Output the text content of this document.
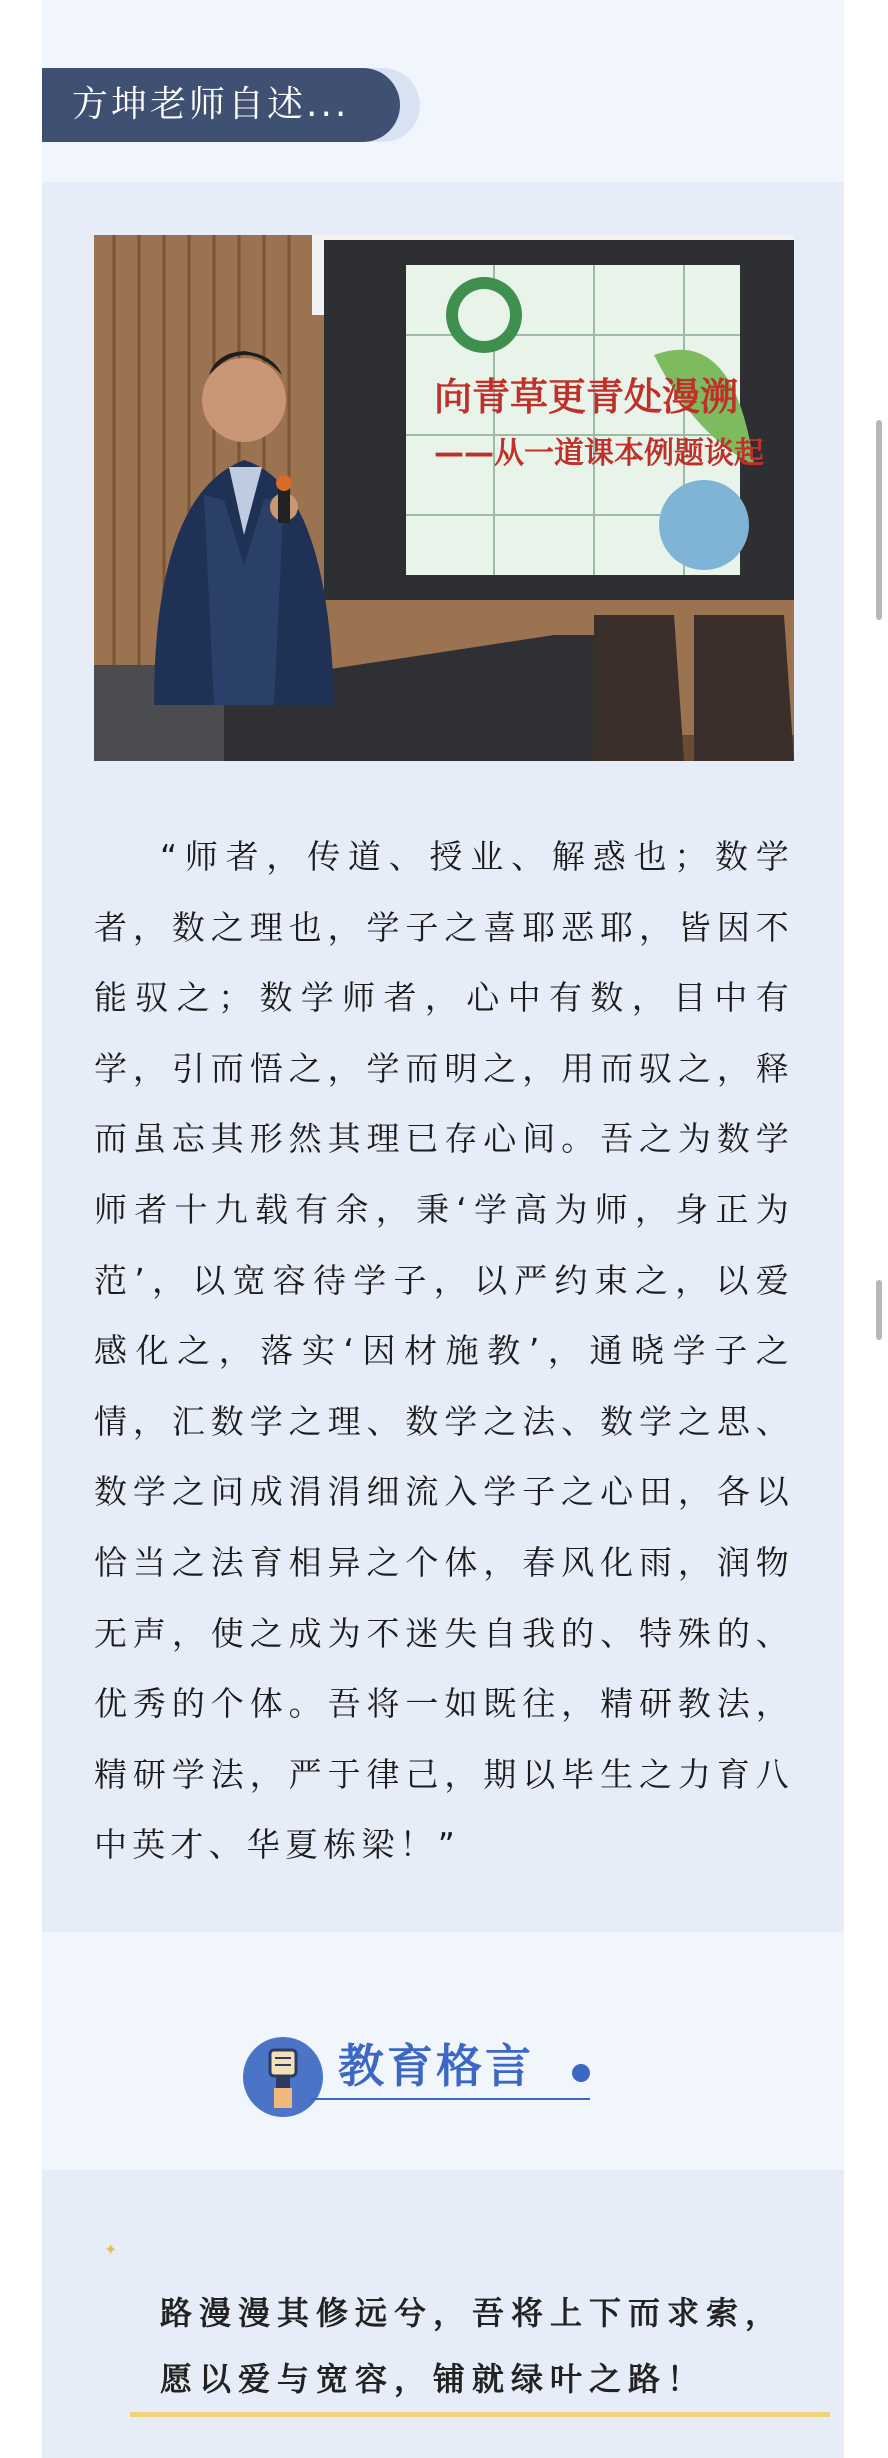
方坤老师自述...
向青草更青处漫溯
——从一道课本例题谈起

“师者，传道、授业、解惑也；数学者，数之理也，学子之喜耶恶耶，皆因不能驭之；数学师者，心中有数，目中有学，引而悟之，学而明之，用而驭之，释而虽忘其形然其理已存心间。吾之为数学师者十九载有余，秉‘学高为师，身正为范’，以宽容待学子，以严约束之，以爱感化之，落实‘因材施教’，通晓学子之情，汇数学之理、数学之法、数学之思、数学之问成涓涓细流入学子之心田，各以恰当之法育相异之个体，春风化雨，润物无声，使之成为不迷失自我的、特殊的、优秀的个体。吾将一如既往，精研教法，精研学法，严于律己，期以毕生之力育八中英才、华夏栋梁！”

教育格言
✦
路漫漫其修远兮，吾将上下而求索，
愿以爱与宽容，铺就绿叶之路！
